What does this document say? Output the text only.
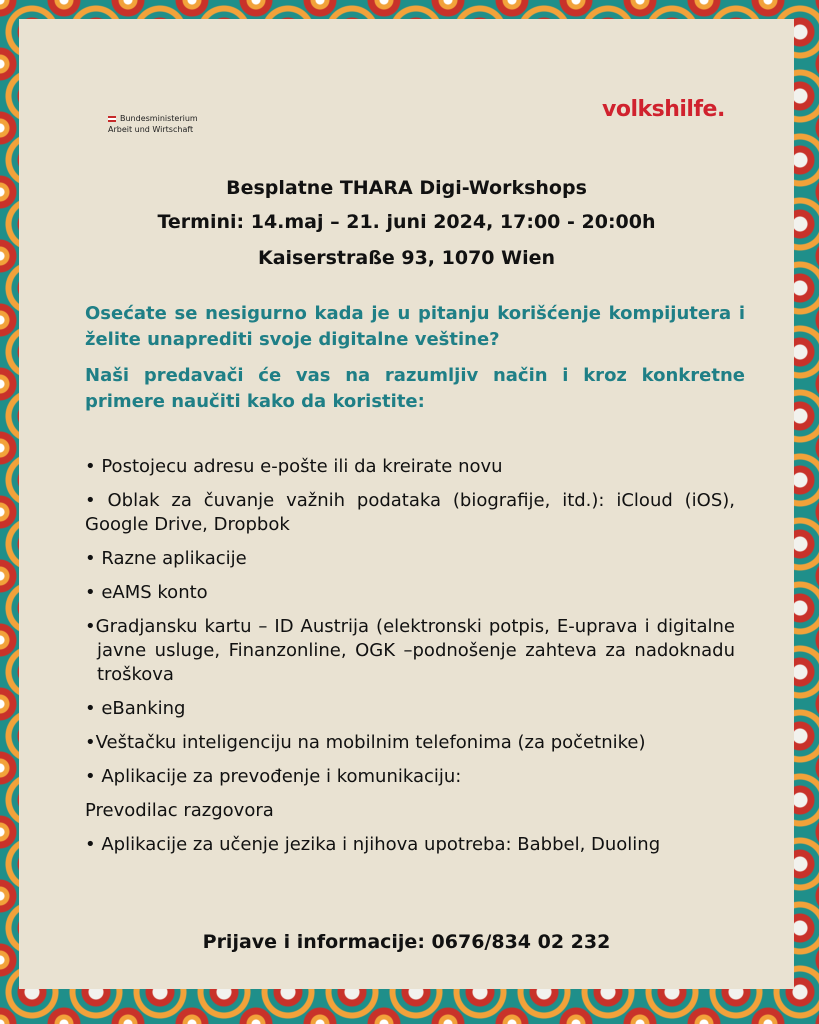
Bundesministerium
Arbeit und Wirtschaft
volkshilfe.
Besplatne THARA Digi-Workshops
Termini: 14.maj – 21. juni 2024, 17:00 - 20:00h
Kaiserstraße 93, 1070 Wien
Osećate se nesigurno kada je u pitanju korišćenje kompijutera i želite unaprediti svoje digitalne veštine?
Naši predavači će vas na razumljiv način i kroz konkretne primere naučiti kako da koristite:
• Postojecu adresu e-pošte ili da kreirate novu
• Oblak za čuvanje važnih podataka (biografije, itd.): iCloud (iOS), Google Drive, Dropbok
• Razne aplikacije
• eAMS konto
•Gradjansku kartu – ID Austrija (elektronski potpis, E-uprava i digitalne javne usluge, Finanzonline, OGK –podnošenje zahteva za nadoknadu troškova
• eBanking
•Veštačku inteligenciju na mobilnim telefonima (za početnike)
• Aplikacije za prevođenje i komunikaciju:
Prevodilac razgovora
• Aplikacije za učenje jezika i njihova upotreba: Babbel, Duoling
Prijave i informacije: 0676/834 02 232
